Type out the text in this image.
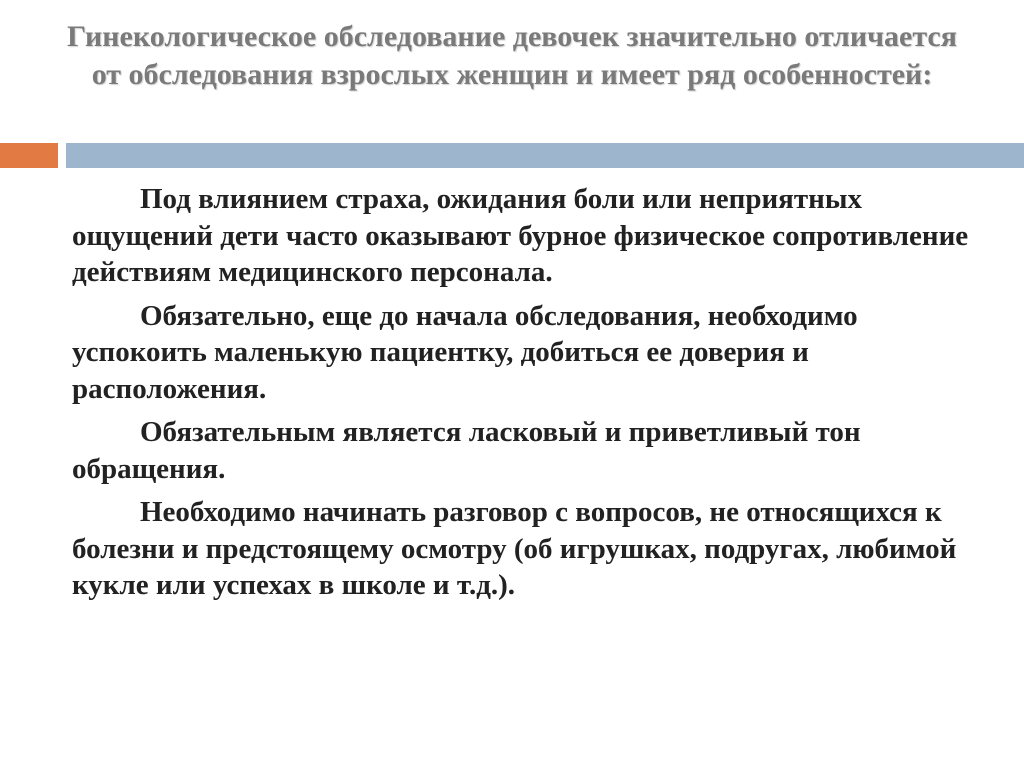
Гинекологическое обследование девочек значительно отличается от обследования взрослых женщин и имеет ряд особенностей:

Под влиянием страха, ожидания боли или неприятных ощущений дети часто оказывают бурное физическое сопротивление действиям медицинского персонала.

Обязательно, еще до начала обследования, необходимо успокоить маленькую пациентку, добиться ее доверия и расположения.

Обязательным является ласковый и приветливый тон обращения.

Необходимо начинать разговор с вопросов, не относящихся к болезни и предстоящему осмотру (об игрушках, подругах, любимой кукле или успехах в школе и т.д.).
